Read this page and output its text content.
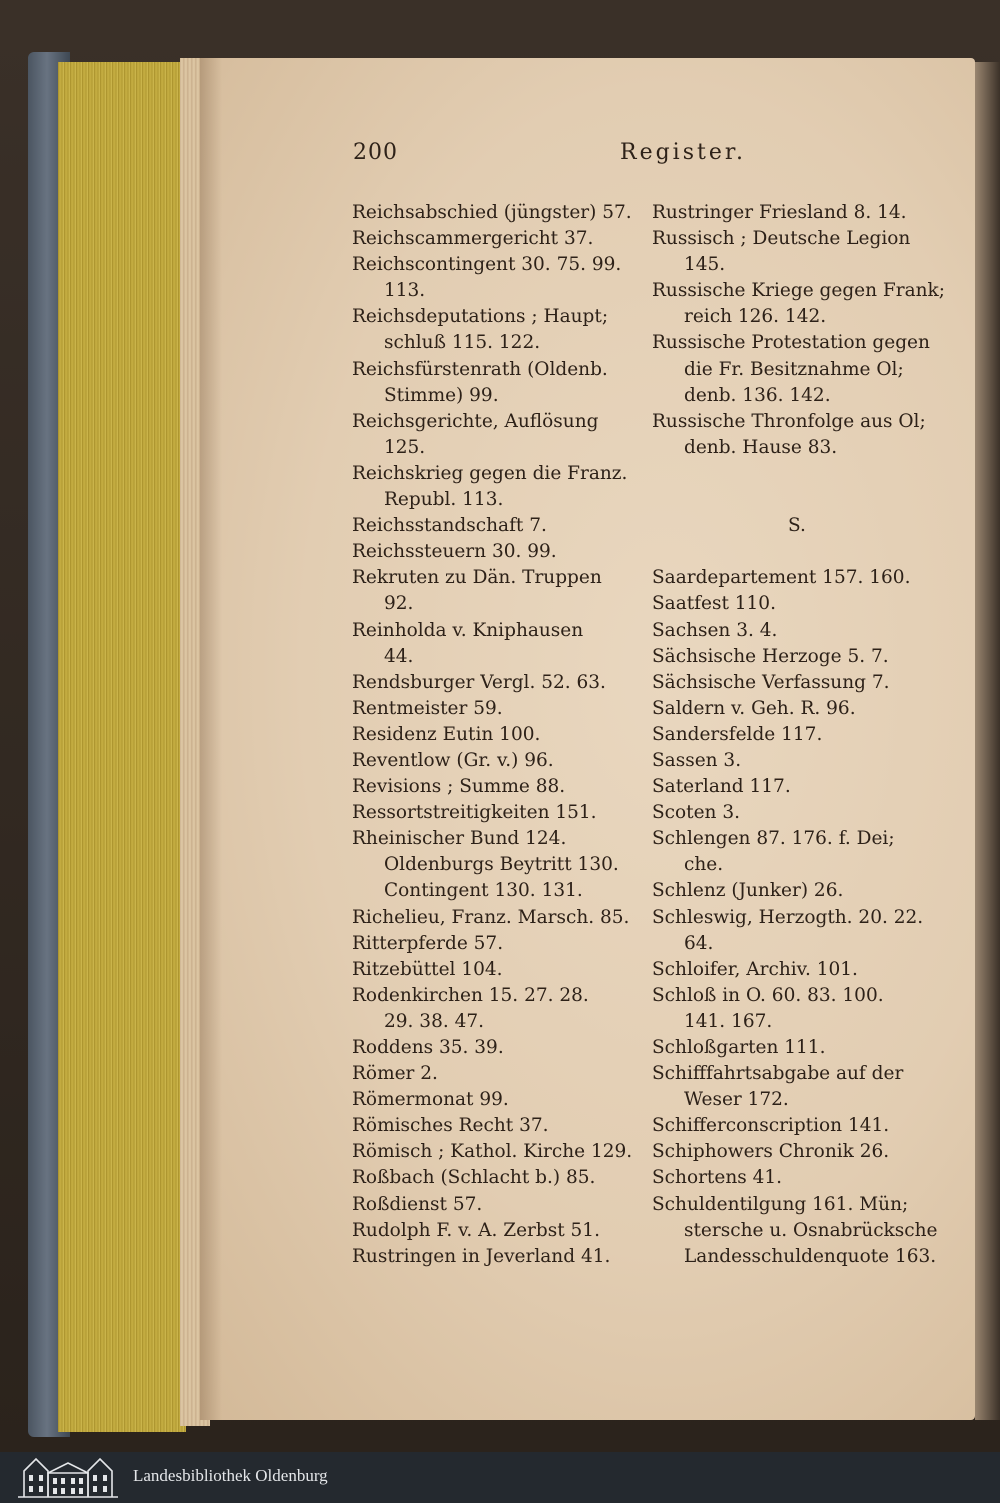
200	Register.
Reichsabschied (jüngster) 57.
Reichscammergericht 37.
Reichscontingent 30. 75. 99.
113.
Reichsdeputations ; Haupt;
schluß 115. 122.
Reichsfürstenrath (Oldenb.
Stimme) 99.
Reichsgerichte, Auflösung
125.
Reichskrieg gegen die Franz.
Republ. 113.
Reichsstandschaft 7.
Reichssteuern 30. 99.
Rekruten zu Dän. Truppen
92.
Reinholda v. Kniphausen
44.
Rendsburger Vergl. 52. 63.
Rentmeister 59.
Residenz Eutin 100.
Reventlow (Gr. v.) 96.
Revisions ; Summe 88.
Ressortstreitigkeiten 151.
Rheinischer Bund 124.
Oldenburgs Beytritt 130.
Contingent 130. 131.
Richelieu, Franz. Marsch. 85.
Ritterpferde 57.
Ritzebüttel 104.
Rodenkirchen 15. 27. 28.
29. 38. 47.
Roddens 35. 39.
Römer 2.
Römermonat 99.
Römisches Recht 37.
Römisch ; Kathol. Kirche 129.
Roßbach (Schlacht b.) 85.
Roßdienst 57.
Rudolph F. v. A. Zerbst 51.
Rustringen in Jeverland 41.
Rustringer Friesland 8. 14.
Russisch ; Deutsche Legion
145.
Russische Kriege gegen Frank;
reich 126. 142.
Russische Protestation gegen
die Fr. Besitznahme Ol;
denb. 136. 142.
Russische Thronfolge aus Ol;
denb. Hause 83.
S.
Saardepartement 157. 160.
Saatfest 110.
Sachsen 3. 4.
Sächsische Herzoge 5. 7.
Sächsische Verfassung 7.
Saldern v. Geh. R. 96.
Sandersfelde 117.
Sassen 3.
Saterland 117.
Scoten 3.
Schlengen 87. 176. f. Dei;
che.
Schlenz (Junker) 26.
Schleswig, Herzogth. 20. 22.
64.
Schloifer, Archiv. 101.
Schloß in O. 60. 83. 100.
141. 167.
Schloßgarten 111.
Schifffahrtsabgabe auf der
Weser 172.
Schifferconscription 141.
Schiphowers Chronik 26.
Schortens 41.
Schuldentilgung 161. Mün;
stersche u. Osnabrücksche
Landesschuldenquote 163.
Landesbibliothek Oldenburg
